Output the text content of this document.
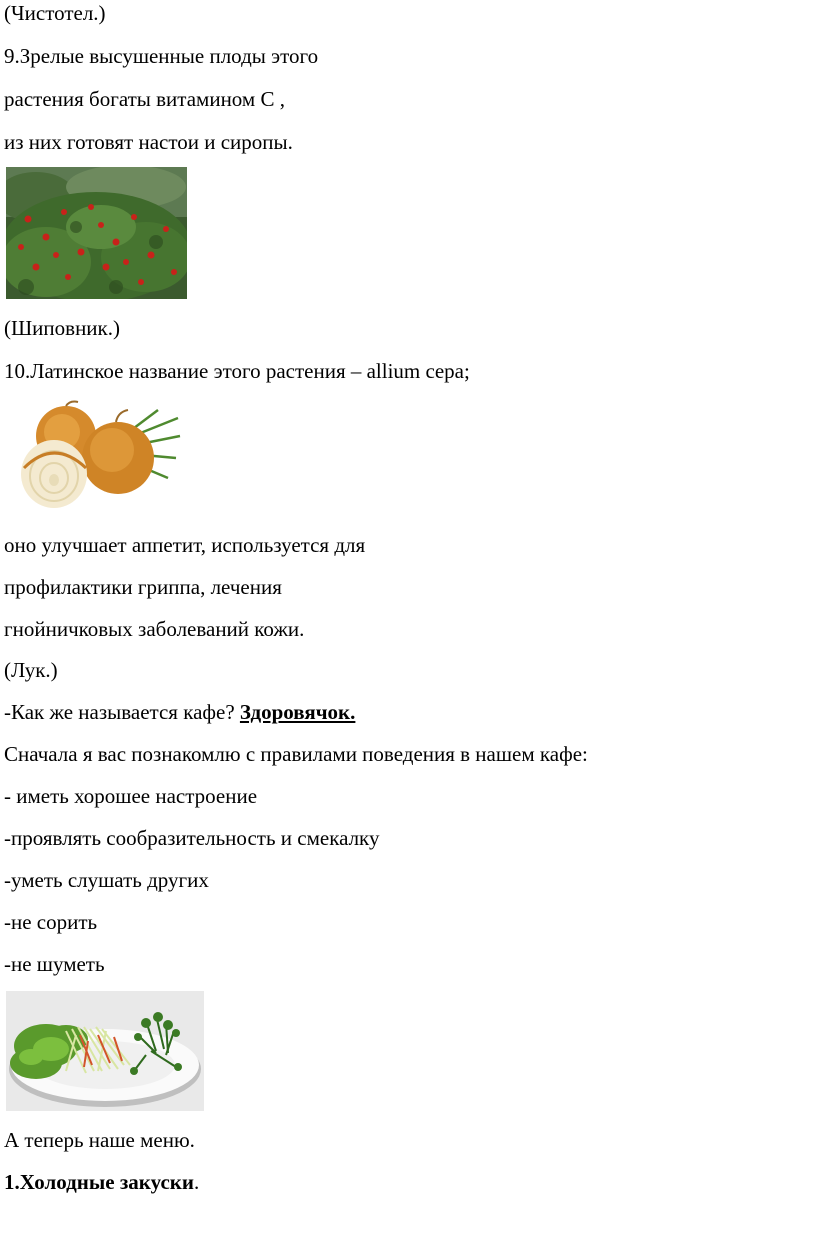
(Чистотел.)
9.Зрелые высушенные плоды этого
растения богаты витамином С ,
из них готовят настои и сиропы.
(Шиповник.)
10.Латинское название этого растения – allium cepa;
оно улучшает аппетит, используется для
профилактики гриппа, лечения
гнойничковых заболеваний кожи.
(Лук.)
-Как же называется кафе? Здоровячок.
Сначала я вас познакомлю с правилами поведения в нашем кафе:
- иметь хорошее настроение
-проявлять сообразительность и смекалку
-уметь слушать других
-не сорить
-не шуметь
А теперь наше меню.
1.Холодные закуски.
